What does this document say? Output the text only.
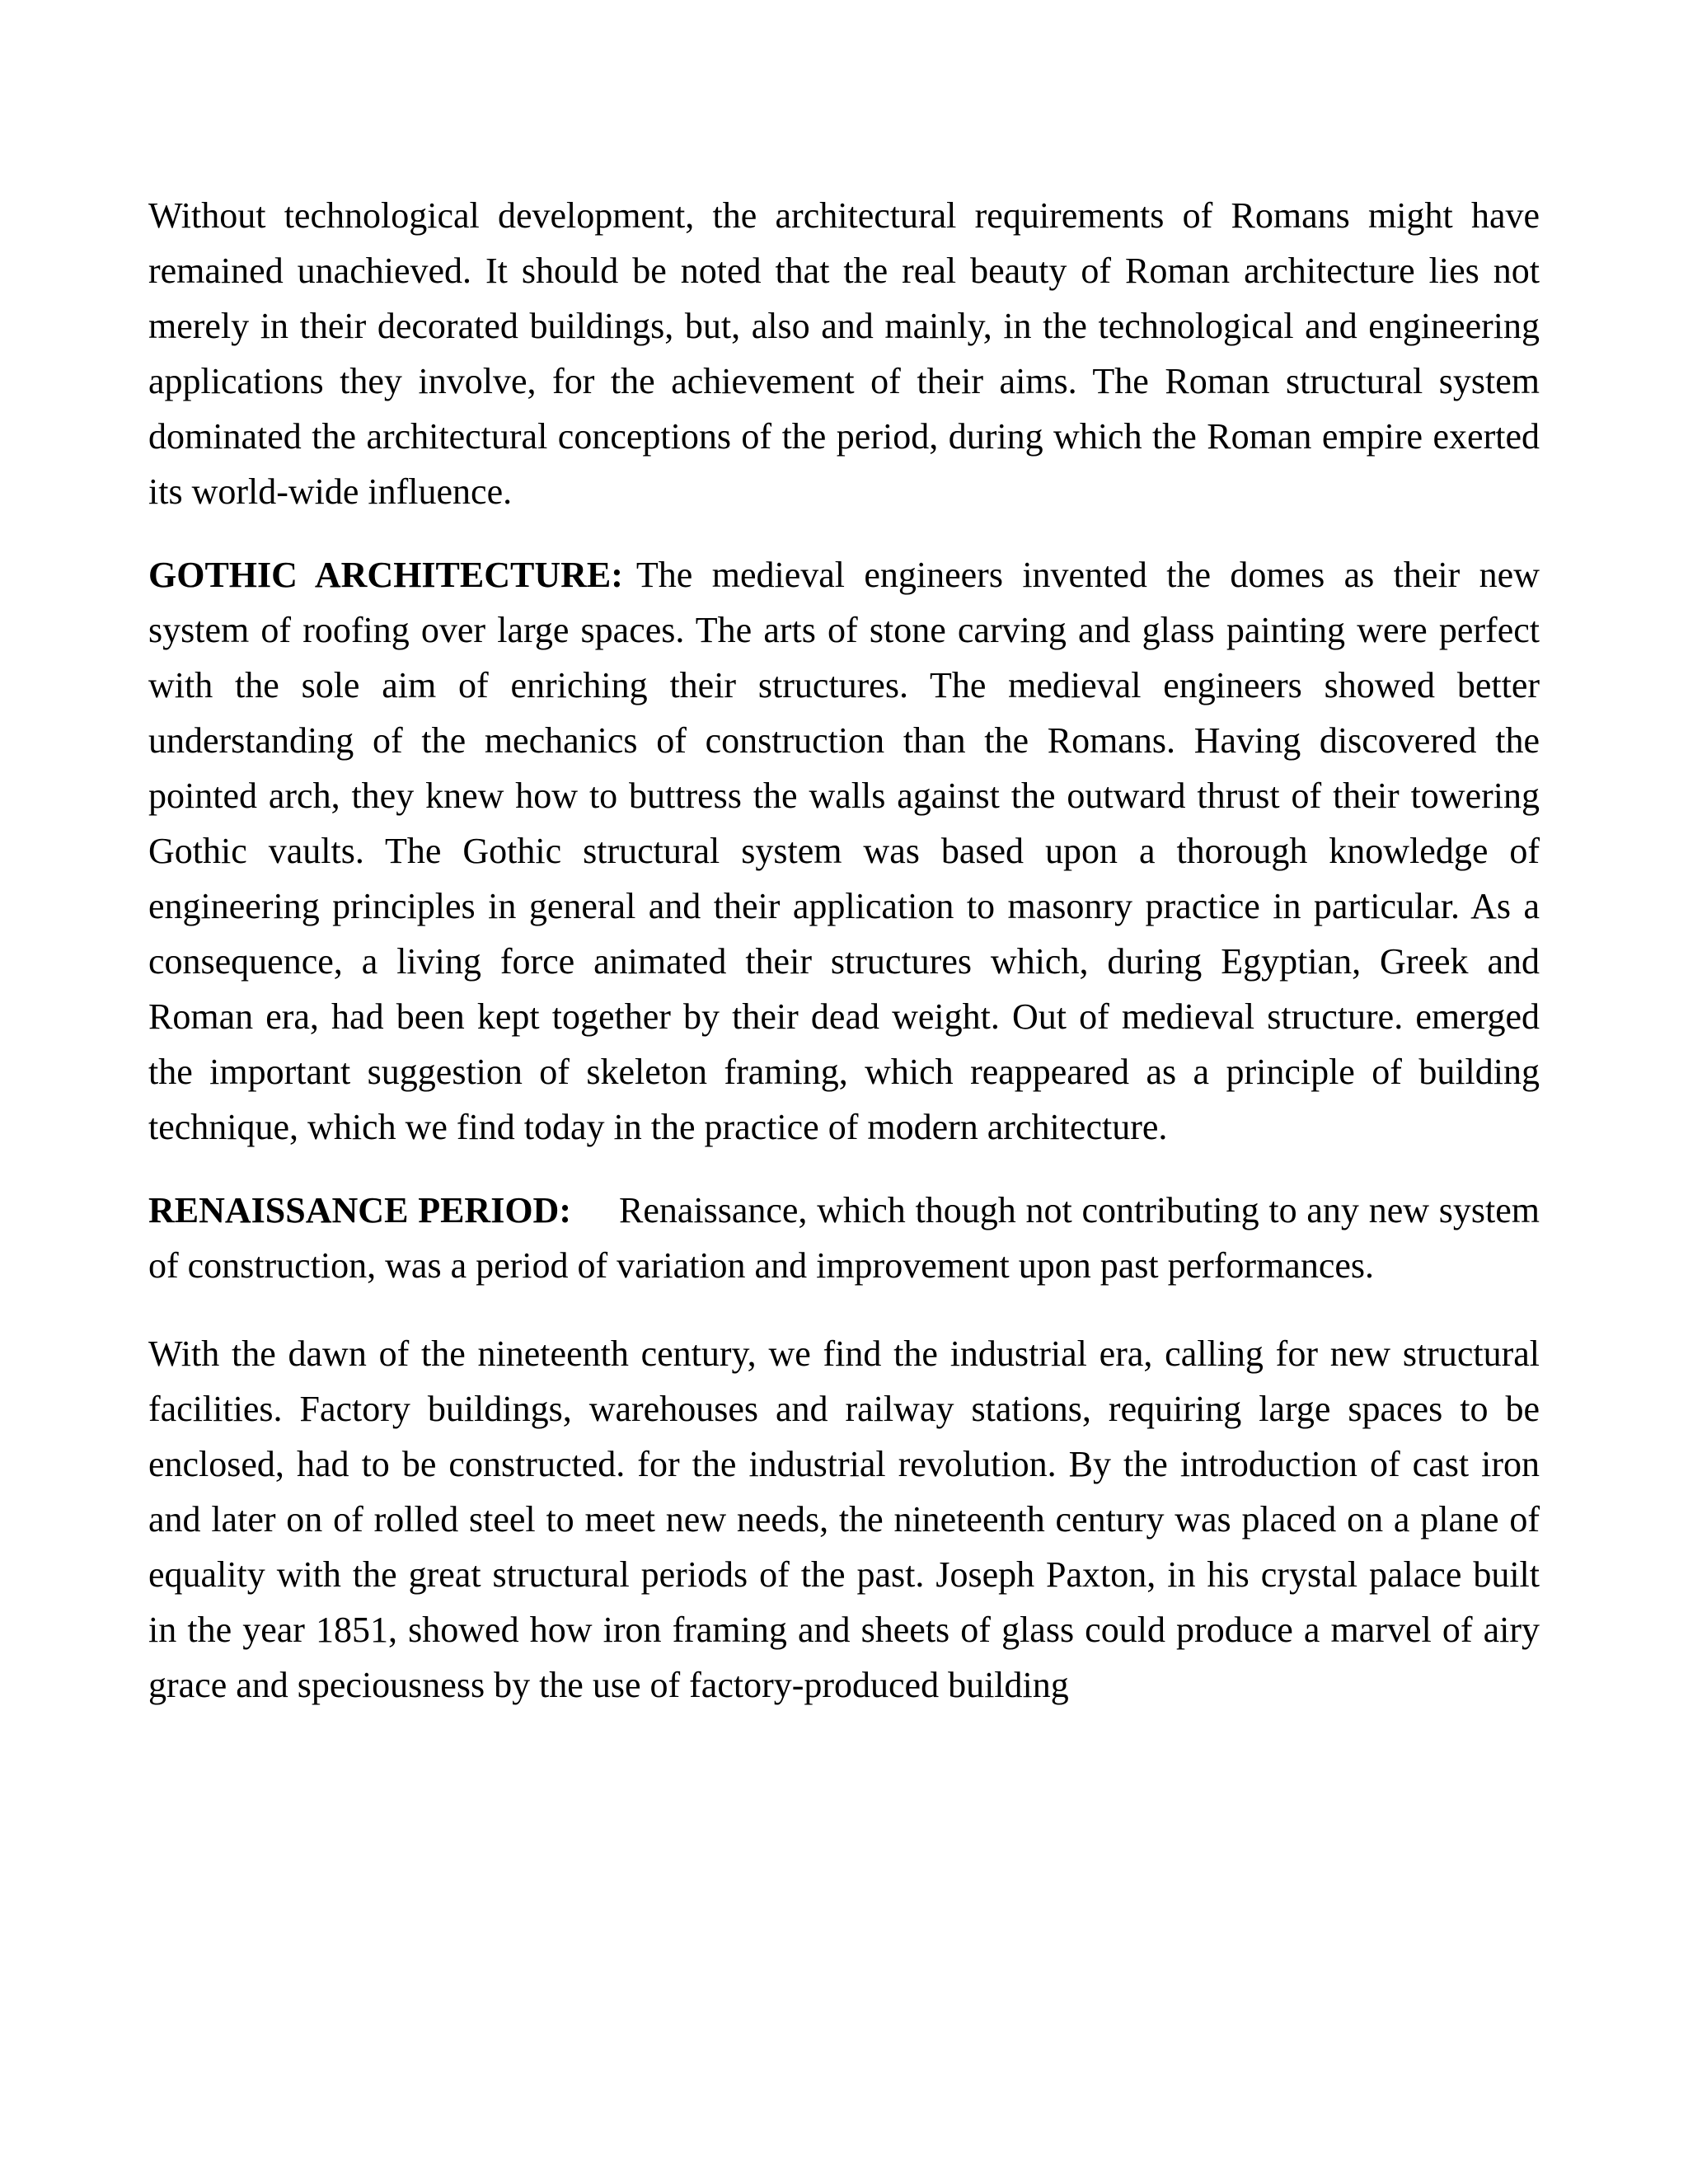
Without technological development, the architectural requirements of Romans might have remained unachieved. It should be noted that the real beauty of Roman architecture lies not merely in their decorated buildings, but, also and mainly, in the technological and engineering applications they involve, for the achievement of their aims. The Roman structural system dominated the architectural conceptions of the period, during which the Roman empire exerted its world-wide influence.

GOTHIC ARCHITECTURE: The medieval engineers invented the domes as their new system of roofing over large spaces. The arts of stone carving and glass painting were perfect with the sole aim of enriching their structures. The medieval engineers showed better understanding of the mechanics of construction than the Romans. Having discovered the pointed arch, they knew how to buttress the walls against the outward thrust of their towering Gothic vaults. The Gothic structural system was based upon a thorough knowledge of engineering principles in general and their application to masonry practice in particular. As a consequence, a living force animated their structures which, during Egyptian, Greek and Roman era, had been kept together by their dead weight. Out of medieval structure. emerged the important suggestion of skeleton framing, which reappeared as a principle of building technique, which we find today in the practice of modern architecture.

RENAISSANCE PERIOD: Renaissance, which though not contributing to any new system of construction, was a period of variation and improvement upon past performances.

With the dawn of the nineteenth century, we find the industrial era, calling for new structural facilities. Factory buildings, warehouses and railway stations, requiring large spaces to be enclosed, had to be constructed. for the industrial revolution. By the introduction of cast iron and later on of rolled steel to meet new needs, the nineteenth century was placed on a plane of equality with the great structural periods of the past. Joseph Paxton, in his crystal palace built in the year 1851, showed how iron framing and sheets of glass could produce a marvel of airy grace and speciousness by the use of factory-produced building
